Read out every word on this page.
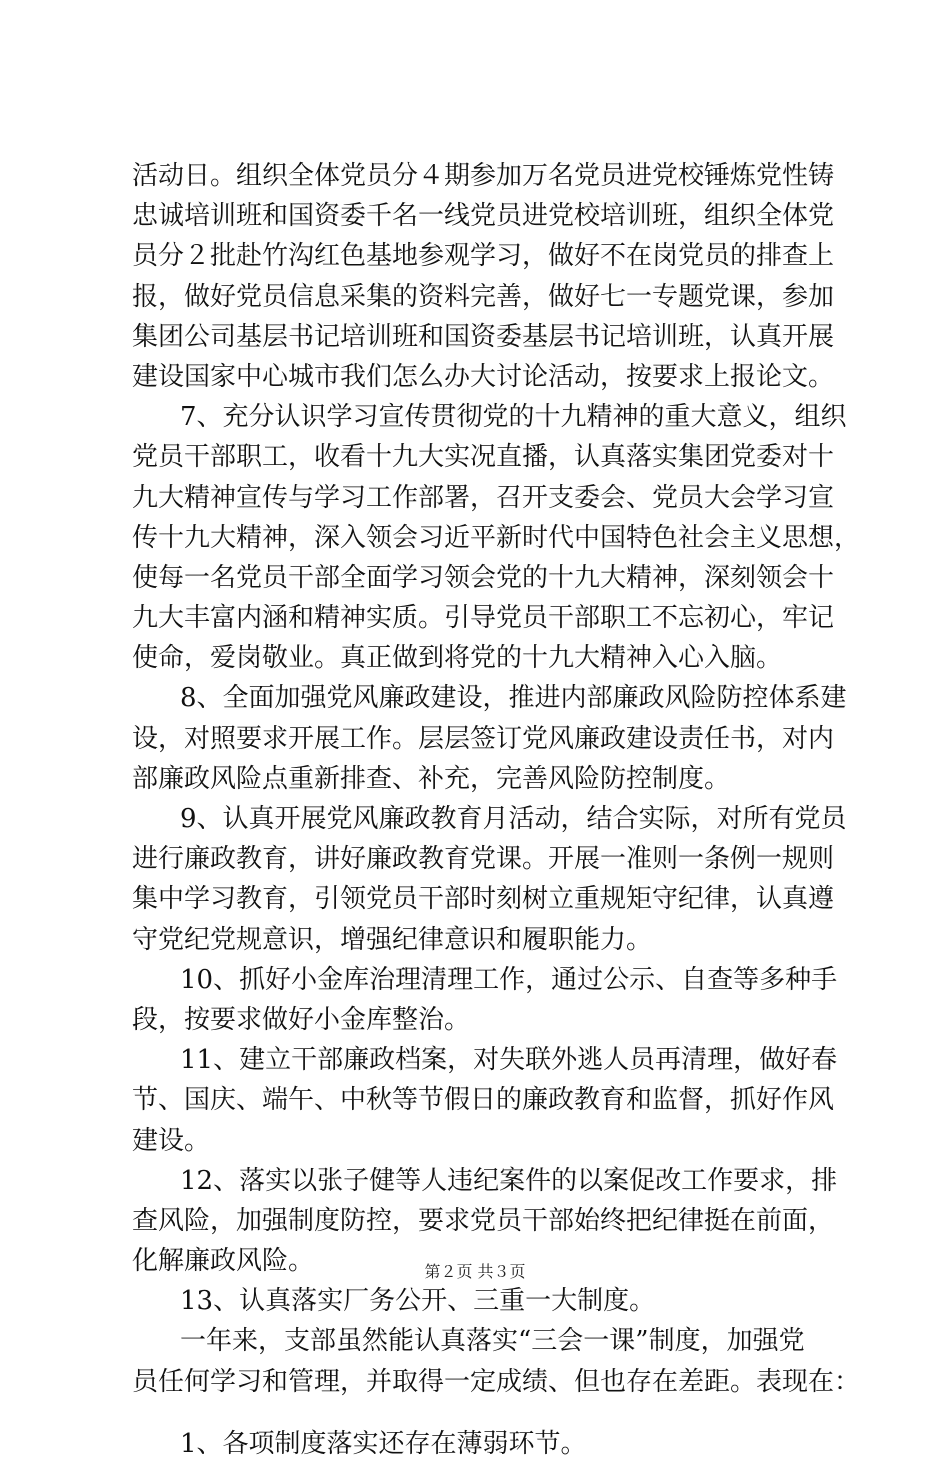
活动日。组织全体党员分４期参加万名党员进党校锤炼党性铸
忠诚培训班和国资委千名一线党员进党校培训班，组织全体党
员分２批赴竹沟红色基地参观学习，做好不在岗党员的排查上
报，做好党员信息采集的资料完善，做好七一专题党课，参加
集团公司基层书记培训班和国资委基层书记培训班，认真开展
建设国家中心城市我们怎么办大讨论活动，按要求上报论文。
7、充分认识学习宣传贯彻党的十九精神的重大意义，组织
党员干部职工，收看十九大实况直播，认真落实集团党委对十
九大精神宣传与学习工作部署，召开支委会、党员大会学习宣
传十九大精神，深入领会习近平新时代中国特色社会主义思想，
使每一名党员干部全面学习领会党的十九大精神，深刻领会十
九大丰富内涵和精神实质。引导党员干部职工不忘初心，牢记
使命，爱岗敬业。真正做到将党的十九大精神入心入脑。
8、全面加强党风廉政建设，推进内部廉政风险防控体系建
设，对照要求开展工作。层层签订党风廉政建设责任书，对内
部廉政风险点重新排查、补充，完善风险防控制度。
9、认真开展党风廉政教育月活动，结合实际，对所有党员
进行廉政教育，讲好廉政教育党课。开展一准则一条例一规则
集中学习教育，引领党员干部时刻树立重规矩守纪律，认真遵
守党纪党规意识，增强纪律意识和履职能力。
10、抓好小金库治理清理工作，通过公示、自查等多种手
段，按要求做好小金库整治。
11、建立干部廉政档案，对失联外逃人员再清理，做好春
节、国庆、端午、中秋等节假日的廉政教育和监督，抓好作风
建设。
12、落实以张子健等人违纪案件的以案促改工作要求，排
查风险，加强制度防控，要求党员干部始终把纪律挺在前面，
化解廉政风险。
13、认真落实厂务公开、三重一大制度。
一年来，支部虽然能认真落实“三会一课”制度，加强党
员任何学习和管理，并取得一定成绩、但也存在差距。表现在：
1、各项制度落实还存在薄弱环节。
第２页 共３页
